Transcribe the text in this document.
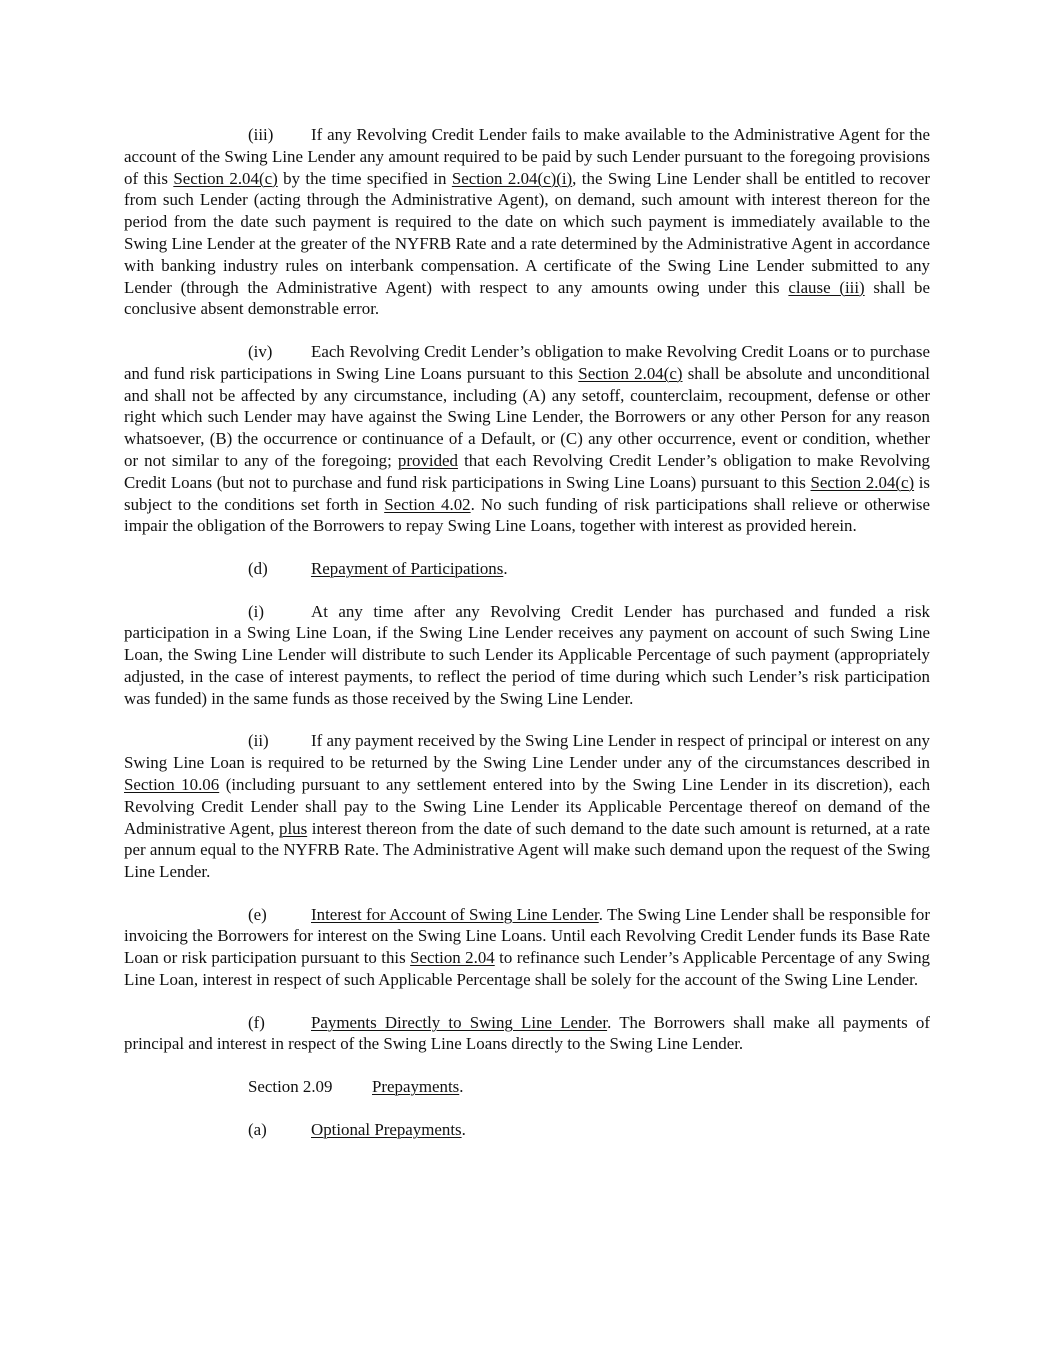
(iii) If any Revolving Credit Lender fails to make available to the Administrative Agent for the account of the Swing Line Lender any amount required to be paid by such Lender pursuant to the foregoing provisions of this Section 2.04(c) by the time specified in Section 2.04(c)(i), the Swing Line Lender shall be entitled to recover from such Lender (acting through the Administrative Agent), on demand, such amount with interest thereon for the period from the date such payment is required to the date on which such payment is immediately available to the Swing Line Lender at the greater of the NYFRB Rate and a rate determined by the Administrative Agent in accordance with banking industry rules on interbank compensation. A certificate of the Swing Line Lender submitted to any Lender (through the Administrative Agent) with respect to any amounts owing under this clause (iii) shall be conclusive absent demonstrable error.

(iv) Each Revolving Credit Lender’s obligation to make Revolving Credit Loans or to purchase and fund risk participations in Swing Line Loans pursuant to this Section 2.04(c) shall be absolute and unconditional and shall not be affected by any circumstance, including (A) any setoff, counterclaim, recoupment, defense or other right which such Lender may have against the Swing Line Lender, the Borrowers or any other Person for any reason whatsoever, (B) the occurrence or continuance of a Default, or (C) any other occurrence, event or condition, whether or not similar to any of the foregoing; provided that each Revolving Credit Lender’s obligation to make Revolving Credit Loans (but not to purchase and fund risk participations in Swing Line Loans) pursuant to this Section 2.04(c) is subject to the conditions set forth in Section 4.02. No such funding of risk participations shall relieve or otherwise impair the obligation of the Borrowers to repay Swing Line Loans, together with interest as provided herein.

(d)	Repayment of Participations.

(i)	At any time after any Revolving Credit Lender has purchased and funded a risk participation in a Swing Line Loan, if the Swing Line Lender receives any payment on account of such Swing Line Loan, the Swing Line Lender will distribute to such Lender its Applicable Percentage of such payment (appropriately adjusted, in the case of interest payments, to reflect the period of time during which such Lender’s risk participation was funded) in the same funds as those received by the Swing Line Lender.

(ii)	If any payment received by the Swing Line Lender in respect of principal or interest on any Swing Line Loan is required to be returned by the Swing Line Lender under any of the circumstances described in Section 10.06 (including pursuant to any settlement entered into by the Swing Line Lender in its discretion), each Revolving Credit Lender shall pay to the Swing Line Lender its Applicable Percentage thereof on demand of the Administrative Agent, plus interest thereon from the date of such demand to the date such amount is returned, at a rate per annum equal to the NYFRB Rate. The Administrative Agent will make such demand upon the request of the Swing Line Lender.

(e)	Interest for Account of Swing Line Lender. The Swing Line Lender shall be responsible for invoicing the Borrowers for interest on the Swing Line Loans. Until each Revolving Credit Lender funds its Base Rate Loan or risk participation pursuant to this Section 2.04 to refinance such Lender’s Applicable Percentage of any Swing Line Loan, interest in respect of such Applicable Percentage shall be solely for the account of the Swing Line Lender.

(f)	Payments Directly to Swing Line Lender. The Borrowers shall make all payments of principal and interest in respect of the Swing Line Loans directly to the Swing Line Lender.

Section 2.09 Prepayments.

(a)	Optional Prepayments.
